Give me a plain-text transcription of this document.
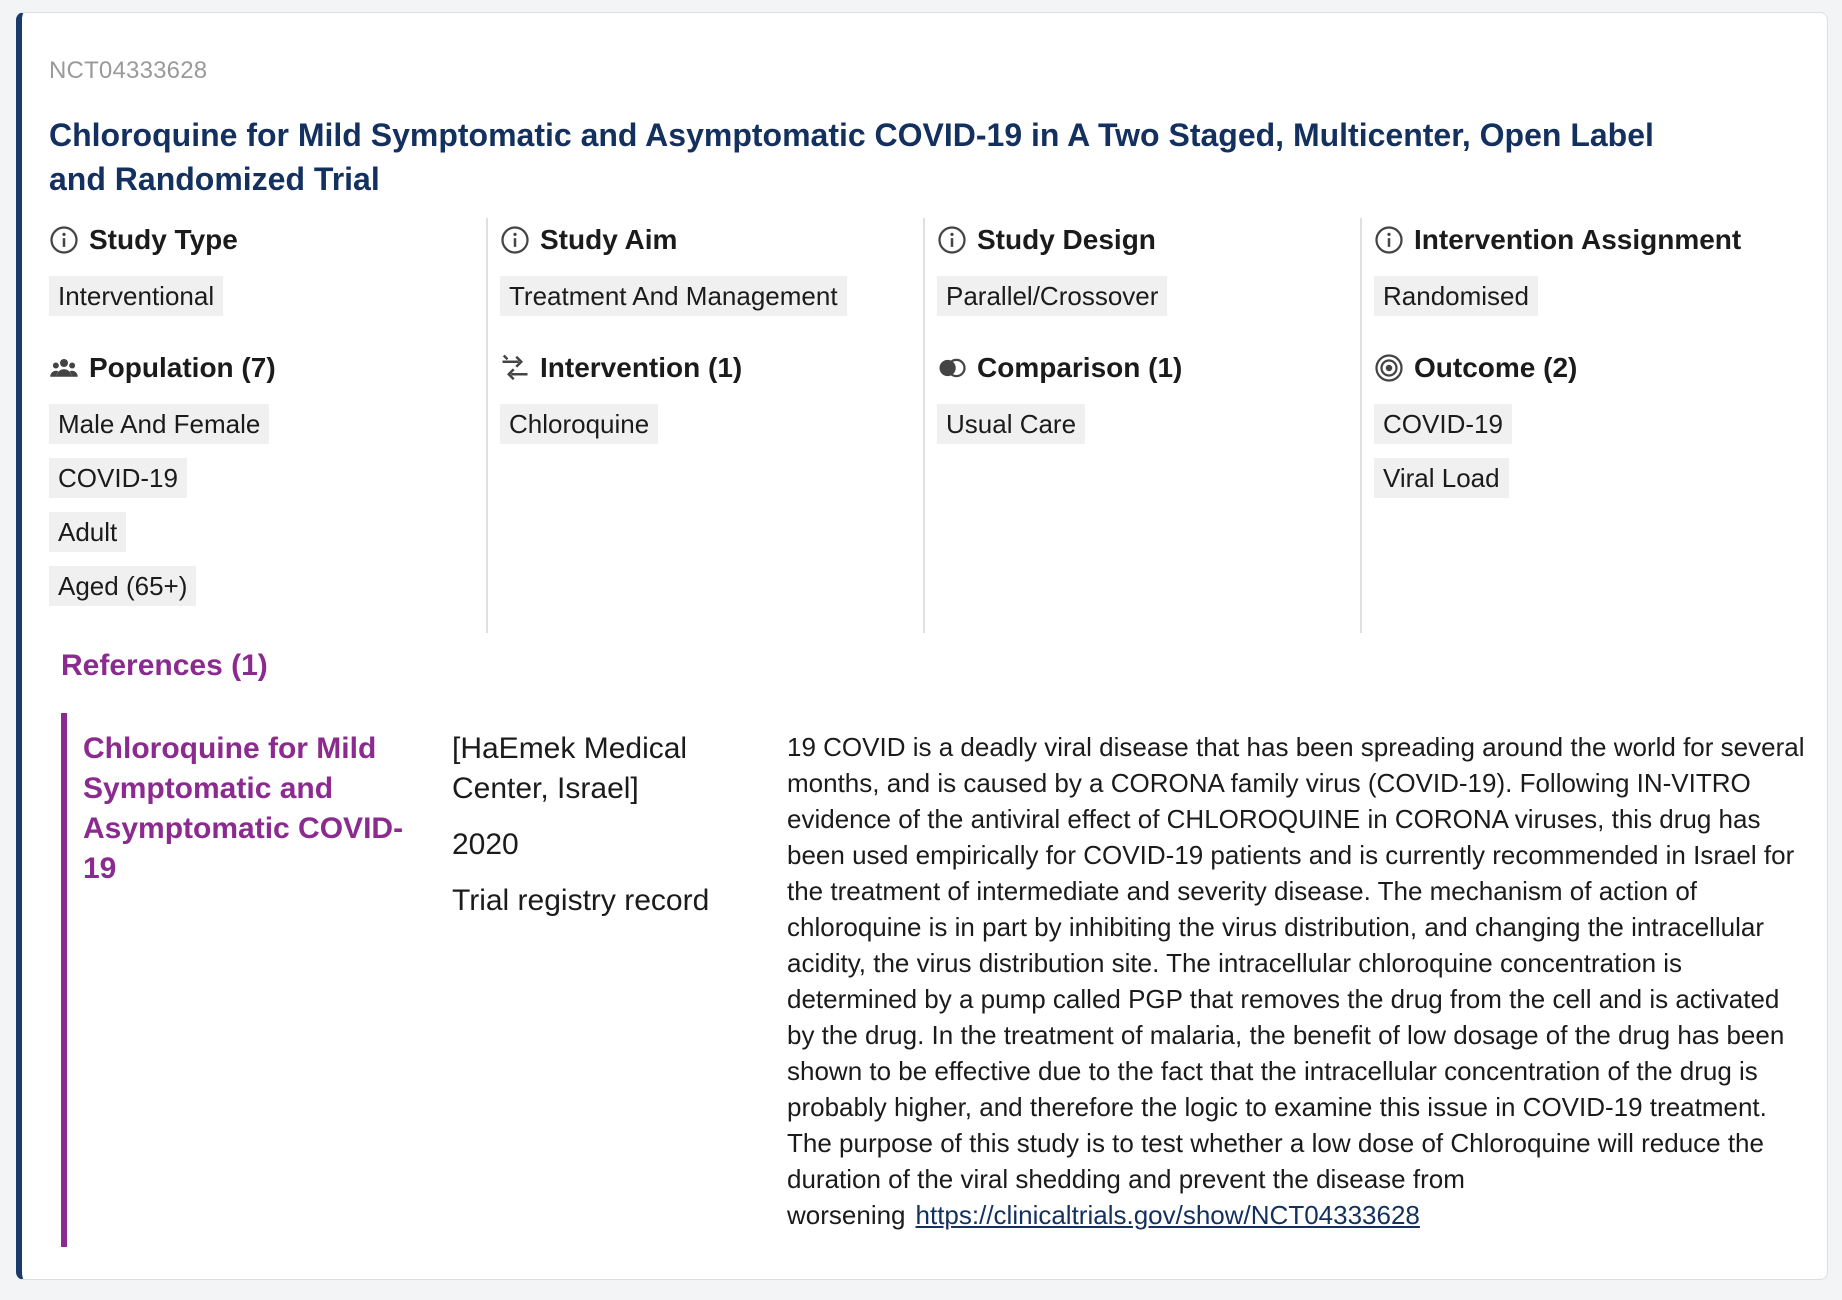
NCT04333628
Chloroquine for Mild Symptomatic and Asymptomatic COVID-19 in A Two Staged, Multicenter, Open Label and Randomized Trial
Study Type
Interventional
Population (7)
Male And Female
COVID-19
Adult
Aged (65+)
Study Aim
Treatment And Management
Intervention (1)
Chloroquine
Study Design
Parallel/Crossover
Comparison (1)
Usual Care
Intervention Assignment
Randomised
Outcome (2)
COVID-19
Viral Load
References (1)
Chloroquine for Mild Symptomatic and Asymptomatic COVID-19
[HaEmek Medical Center, Israel]
2020
Trial registry record
19 COVID is a deadly viral disease that has been spreading around the world for several months, and is caused by a CORONA family virus (COVID-19). Following IN-VITRO evidence of the antiviral effect of CHLOROQUINE in CORONA viruses, this drug has been used empirically for COVID-19 patients and is currently recommended in Israel for the treatment of intermediate and severity disease. The mechanism of action of chloroquine is in part by inhibiting the virus distribution, and changing the intracellular acidity, the virus distribution site. The intracellular chloroquine concentration is determined by a pump called PGP that removes the drug from the cell and is activated by the drug. In the treatment of malaria, the benefit of low dosage of the drug has been shown to be effective due to the fact that the intracellular concentration of the drug is probably higher, and therefore the logic to examine this issue in COVID-19 treatment. The purpose of this study is to test whether a low dose of Chloroquine will reduce the duration of the viral shedding and prevent the disease from worsening https://clinicaltrials.gov/show/NCT04333628
